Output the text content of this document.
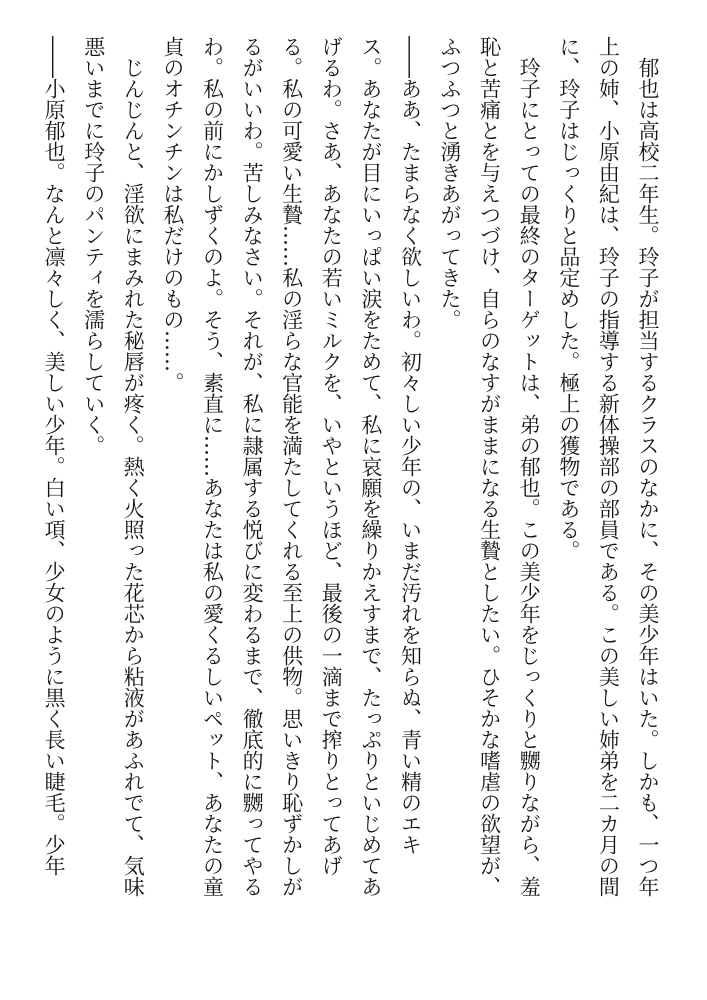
　郁也は高校二年生。玲子が担当するクラスのなかに、その美少年はいた。しかも、一つ年
上の姉、小原由紀は、玲子の指導する新体操部の部員である。この美しい姉弟を二カ月の間
に、玲子はじっくりと品定めした。極上の獲物である。
　玲子にとっての最終のターゲットは、弟の郁也。この美少年をじっくりと嬲りながら、羞
恥と苦痛とを与えつづけ、自らのなすがままになる生贄としたい。ひそかな嗜虐の欲望が、
ふつふつと湧きあがってきた。
――ああ、たまらなく欲しいわ。初々しい少年の、いまだ汚れを知らぬ、青い精のエキ
ス。あなたが目にいっぱい涙をためて、私に哀願を繰りかえすまで、たっぷりといじめてあ
げるわ。さあ、あなたの若いミルクを、いやというほど、最後の一滴まで搾りとってあげ
る。私の可愛い生贄……私の淫らな官能を満たしてくれる至上の供物。思いきり恥ずかしが
るがいいわ。苦しみなさい。それが、私に隷属する悦びに変わるまで、徹底的に嬲ってやる
わ。私の前にかしずくのよ。そう、素直に……あなたは私の愛くるしいペット、あなたの童
貞のオチンチンは私だけのもの……。
　じんじんと、淫欲にまみれた秘唇が疼く。熱く火照った花芯から粘液があふれでて、気味
悪いまでに玲子のパンティを濡らしていく。
――小原郁也。なんと凛々しく、美しい少年。白い項、少女のように黒く長い睫毛。少年
